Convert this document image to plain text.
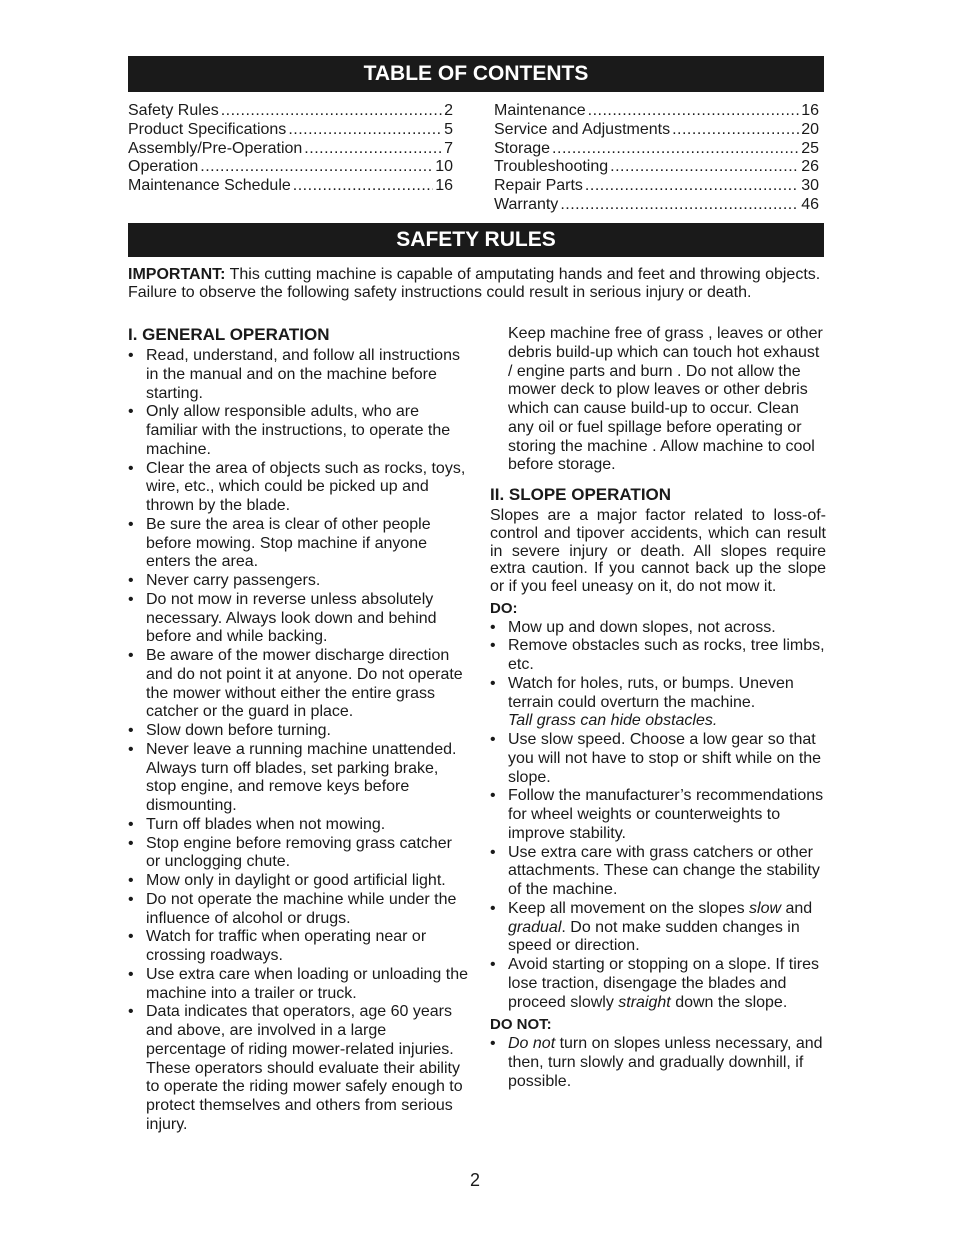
TABLE OF CONTENTS
Safety Rules .....	2
Product Specifications .....	5
Assembly/Pre-Operation .....	7
Operation .....	10
Maintenance Schedule .....	16
Maintenance .....	16
Service and Adjustments .....	20
Storage .....	25
Troubleshooting .....	26
Repair Parts .....	30
Warranty .....	46
SAFETY RULES
IMPORTANT: This cutting machine is capable of amputating hands and feet and throwing objects. Failure to observe the following safety instructions could result in serious injury or death.
I. GENERAL OPERATION
• Read, understand, and follow all instructions in the manual and on the machine before starting.
• Only allow responsible adults, who are familiar with the instructions, to operate the machine.
• Clear the area of objects such as rocks, toys, wire, etc., which could be picked up and thrown by the blade.
• Be sure the area is clear of other people before mowing. Stop machine if anyone enters the area.
• Never carry passengers.
• Do not mow in reverse unless absolutely necessary. Always look down and behind before and while backing.
• Be aware of the mower discharge direction and do not point it at anyone. Do not operate the mower without either the entire grass catcher or the guard in place.
• Slow down before turning.
• Never leave a running machine unattended. Always turn off blades, set parking brake, stop engine, and remove keys before dismounting.
• Turn off blades when not mowing.
• Stop engine before removing grass catcher or unclogging chute.
• Mow only in daylight or good artificial light.
• Do not operate the machine while under the influence of alcohol or drugs.
• Watch for traffic when operating near or crossing roadways.
• Use extra care when loading or unloading the machine into a trailer or truck.
• Data indicates that operators, age 60 years and above, are involved in a large percentage of riding mower-related injuries. These operators should evaluate their ability to operate the riding mower safely enough to protect themselves and others from serious injury.
Keep machine free of grass , leaves or other debris build-up which can touch hot exhaust / engine parts and burn . Do not allow the mower deck to plow leaves or other debris which can cause build-up to occur. Clean any oil or fuel spillage before operating or storing the machine . Allow machine to cool before storage.
II. SLOPE OPERATION
Slopes are a major factor related to loss-of-control and tipover accidents, which can result in severe injury or death. All slopes require extra caution. If you cannot back up the slope or if you feel uneasy on it, do not mow it.
DO:
• Mow up and down slopes, not across.
• Remove obstacles such as rocks, tree limbs, etc.
• Watch for holes, ruts, or bumps. Uneven terrain could overturn the machine.
Tall grass can hide obstacles.
• Use slow speed. Choose a low gear so that you will not have to stop or shift while on the slope.
• Follow the manufacturer’s recommendations for wheel weights or counterweights to improve stability.
• Use extra care with grass catchers or other attachments. These can change the stability of the machine.
• Keep all movement on the slopes slow and gradual. Do not make sudden changes in speed or direction.
• Avoid starting or stopping on a slope. If tires lose traction, disengage the blades and proceed slowly straight down the slope.
DO NOT:
• Do not turn on slopes unless necessary, and then, turn slowly and gradually downhill, if possible.
2
